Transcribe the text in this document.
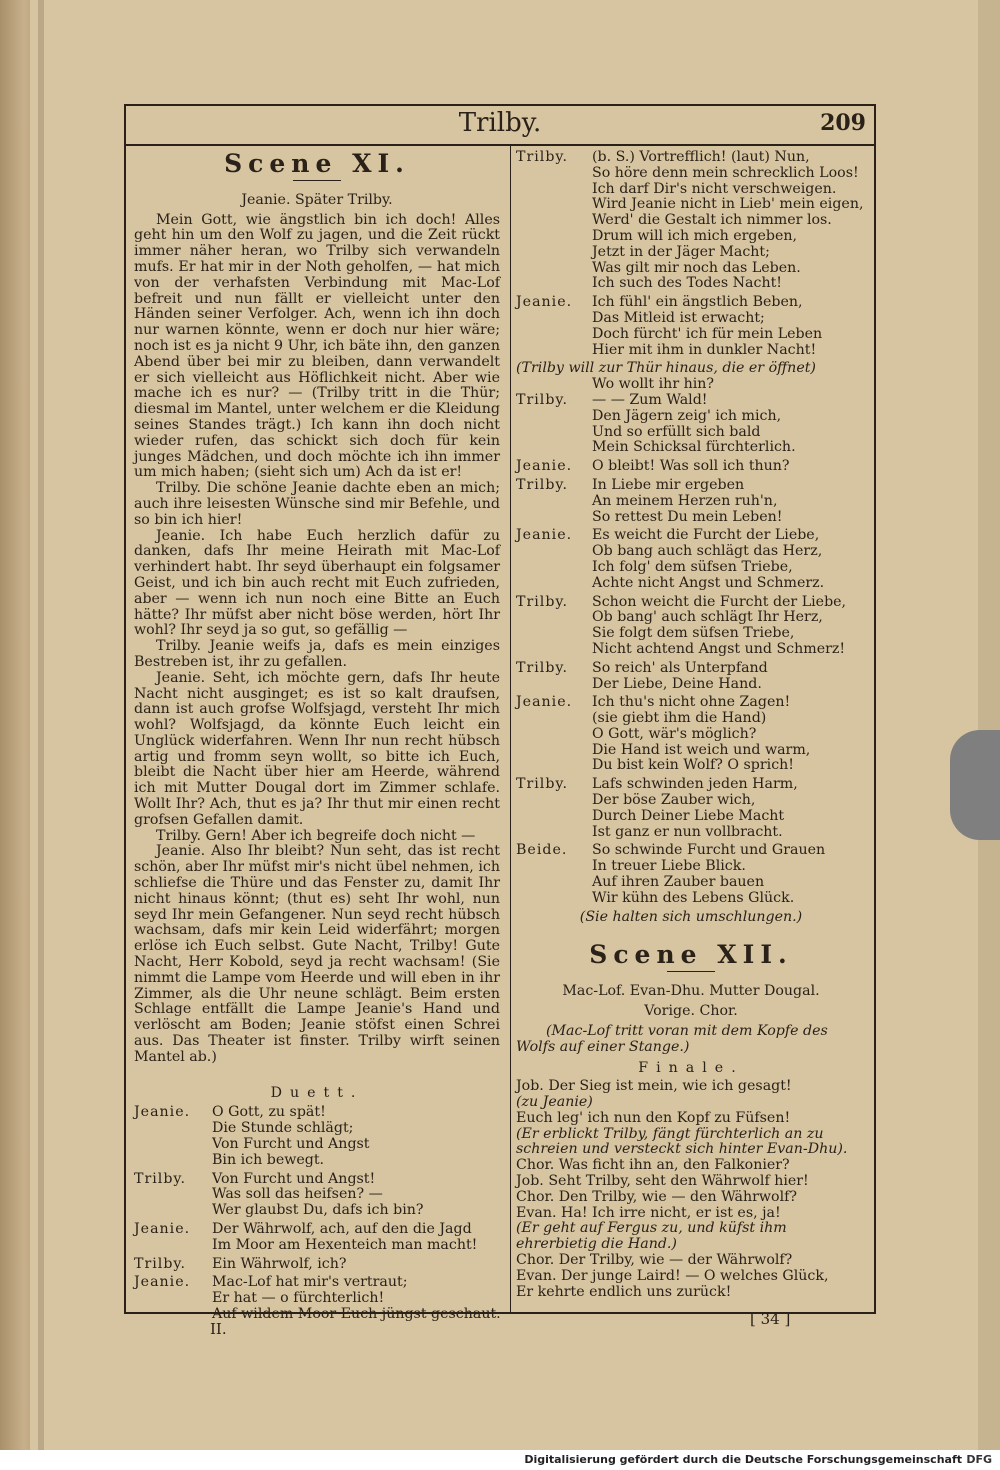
Trilby.	209
Scene XI.
Jeanie. Später Trilby.

Mein Gott, wie ängstlich bin ich doch! Alles geht hin um den Wolf zu jagen, und die Zeit rückt immer näher heran, wo Trilby sich verwandeln mufs. Er hat mir in der Noth geholfen, — hat mich von der verhafsten Verbindung mit Mac-Lof befreit und nun fällt er vielleicht unter den Händen seiner Verfolger. Ach, wenn ich ihn doch nur warnen könnte, wenn er doch nur hier wäre; noch ist es ja nicht 9 Uhr, ich bäte ihn, den ganzen Abend über bei mir zu bleiben, dann verwandelt er sich vielleicht aus Höflichkeit nicht. Aber wie mache ich es nur? — (Trilby tritt in die Thür; diesmal im Mantel, unter welchem er die Kleidung seines Standes trägt.) Ich kann ihn doch nicht wieder rufen, das schickt sich doch für kein junges Mädchen, und doch möchte ich ihn immer um mich haben; (sieht sich um) Ach da ist er!

Trilby. Die schöne Jeanie dachte eben an mich; auch ihre leisesten Wünsche sind mir Befehle, und so bin ich hier!

Jeanie. Ich habe Euch herzlich dafür zu danken, dafs Ihr meine Heirath mit Mac-Lof verhindert habt. Ihr seyd überhaupt ein folgsamer Geist, und ich bin auch recht mit Euch zufrieden, aber — wenn ich nun noch eine Bitte an Euch hätte? Ihr müfst aber nicht böse werden, hört Ihr wohl? Ihr seyd ja so gut, so gefällig —

Trilby. Jeanie weifs ja, dafs es mein einziges Bestreben ist, ihr zu gefallen.

Jeanie. Seht, ich möchte gern, dafs Ihr heute Nacht nicht ausginget; es ist so kalt draufsen, dann ist auch grofse Wolfsjagd, versteht Ihr mich wohl? Wolfsjagd, da könnte Euch leicht ein Unglück widerfahren. Wenn Ihr nun recht hübsch artig und fromm seyn wollt, so bitte ich Euch, bleibt die Nacht über hier am Heerde, während ich mit Mutter Dougal dort im Zimmer schlafe. Wollt Ihr? Ach, thut es ja? Ihr thut mir einen recht grofsen Gefallen damit.

Trilby. Gern! Aber ich begreife doch nicht —

Jeanie. Also Ihr bleibt? Nun seht, das ist recht schön, aber Ihr müfst mir's nicht übel nehmen, ich schliefse die Thüre und das Fenster zu, damit Ihr nicht hinaus könnt; (thut es) seht Ihr wohl, nun seyd Ihr mein Gefangener. Nun seyd recht hübsch wachsam, dafs mir kein Leid widerfährt; morgen erlöse ich Euch selbst. Gute Nacht, Trilby! Gute Nacht, Herr Kobold, seyd ja recht wachsam! (Sie nimmt die Lampe vom Heerde und will eben in ihr Zimmer, als die Uhr neune schlägt. Beim ersten Schlage entfällt die Lampe Jeanie's Hand und verlöscht am Boden; Jeanie stöfst einen Schrei aus. Das Theater ist finster. Trilby wirft seinen Mantel ab.)

Duett.
Jeanie.	O Gott, zu spät!
Die Stunde schlägt;
Von Furcht und Angst
Bin ich bewegt.
Trilby.	Von Furcht und Angst!
Was soll das heifsen? —
Wer glaubst Du, dafs ich bin?
Jeanie.	Der Währwolf, ach, auf den die Jagd
Im Moor am Hexenteich man macht!
Trilby.	Ein Währwolf, ich?
Jeanie.	Mac-Lof hat mir's vertraut;
Er hat — o fürchterlich!
Auf wildem Moor Euch jüngst geschaut.
Trilby.	(b. S.) Vortrefflich! (laut) Nun,
So höre denn mein schrecklich Loos!
Ich darf Dir's nicht verschweigen.
Wird Jeanie nicht in Lieb' mein eigen,
Werd' die Gestalt ich nimmer los.
Drum will ich mich ergeben,
Jetzt in der Jäger Macht;
Was gilt mir noch das Leben.
Ich such des Todes Nacht!
Jeanie.	Ich fühl' ein ängstlich Beben,
Das Mitleid ist erwacht;
Doch fürcht' ich für mein Leben
Hier mit ihm in dunkler Nacht!
(Trilby will zur Thür hinaus, die er öffnet)
Wo wollt ihr hin?
Trilby.	— — Zum Wald!
Den Jägern zeig' ich mich,
Und so erfüllt sich bald
Mein Schicksal fürchterlich.
Jeanie.	O bleibt! Was soll ich thun?
Trilby.	In Liebe mir ergeben
An meinem Herzen ruh'n,
So rettest Du mein Leben!
Jeanie.	Es weicht die Furcht der Liebe,
Ob bang auch schlägt das Herz,
Ich folg' dem süfsen Triebe,
Achte nicht Angst und Schmerz.
Trilby.	Schon weicht die Furcht der Liebe,
Ob bang' auch schlägt Ihr Herz,
Sie folgt dem süfsen Triebe,
Nicht achtend Angst und Schmerz!
Trilby.	So reich' als Unterpfand
Der Liebe, Deine Hand.
Jeanie.	Ich thu's nicht ohne Zagen!
(sie giebt ihm die Hand)
O Gott, wär's möglich?
Die Hand ist weich und warm,
Du bist kein Wolf? O sprich!
Trilby.	Lafs schwinden jeden Harm,
Der böse Zauber wich,
Durch Deiner Liebe Macht
Ist ganz er nun vollbracht.
Beide.	So schwinde Furcht und Grauen
In treuer Liebe Blick.
Auf ihren Zauber bauen
Wir kühn des Lebens Glück.
(Sie halten sich umschlungen.)
Scene XII.
Mac-Lof. Evan-Dhu. Mutter Dougal.
Vorige. Chor.
(Mac-Lof tritt voran mit dem Kopfe des Wolfs auf einer Stange.)
Finale.
Job. Der Sieg ist mein, wie ich gesagt!
(zu Jeanie)
Euch leg' ich nun den Kopf zu Füfsen!
(Er erblickt Trilby, fängt fürchterlich an zu schreien und versteckt sich hinter Evan-Dhu).
Chor. Was ficht ihn an, den Falkonier?
Job. Seht Trilby, seht den Währwolf hier!
Chor. Den Trilby, wie — den Währwolf?
Evan. Ha! Ich irre nicht, er ist es, ja!
(Er geht auf Fergus zu, und küfst ihm ehrerbietig die Hand.)
Chor. Der Trilby, wie — der Währwolf?
Evan. Der junge Laird! — O welches Glück,
Er kehrte endlich uns zurück!
II.
[ 34 ]
Digitalisierung gefördert durch die Deutsche Forschungsgemeinschaft DFG
